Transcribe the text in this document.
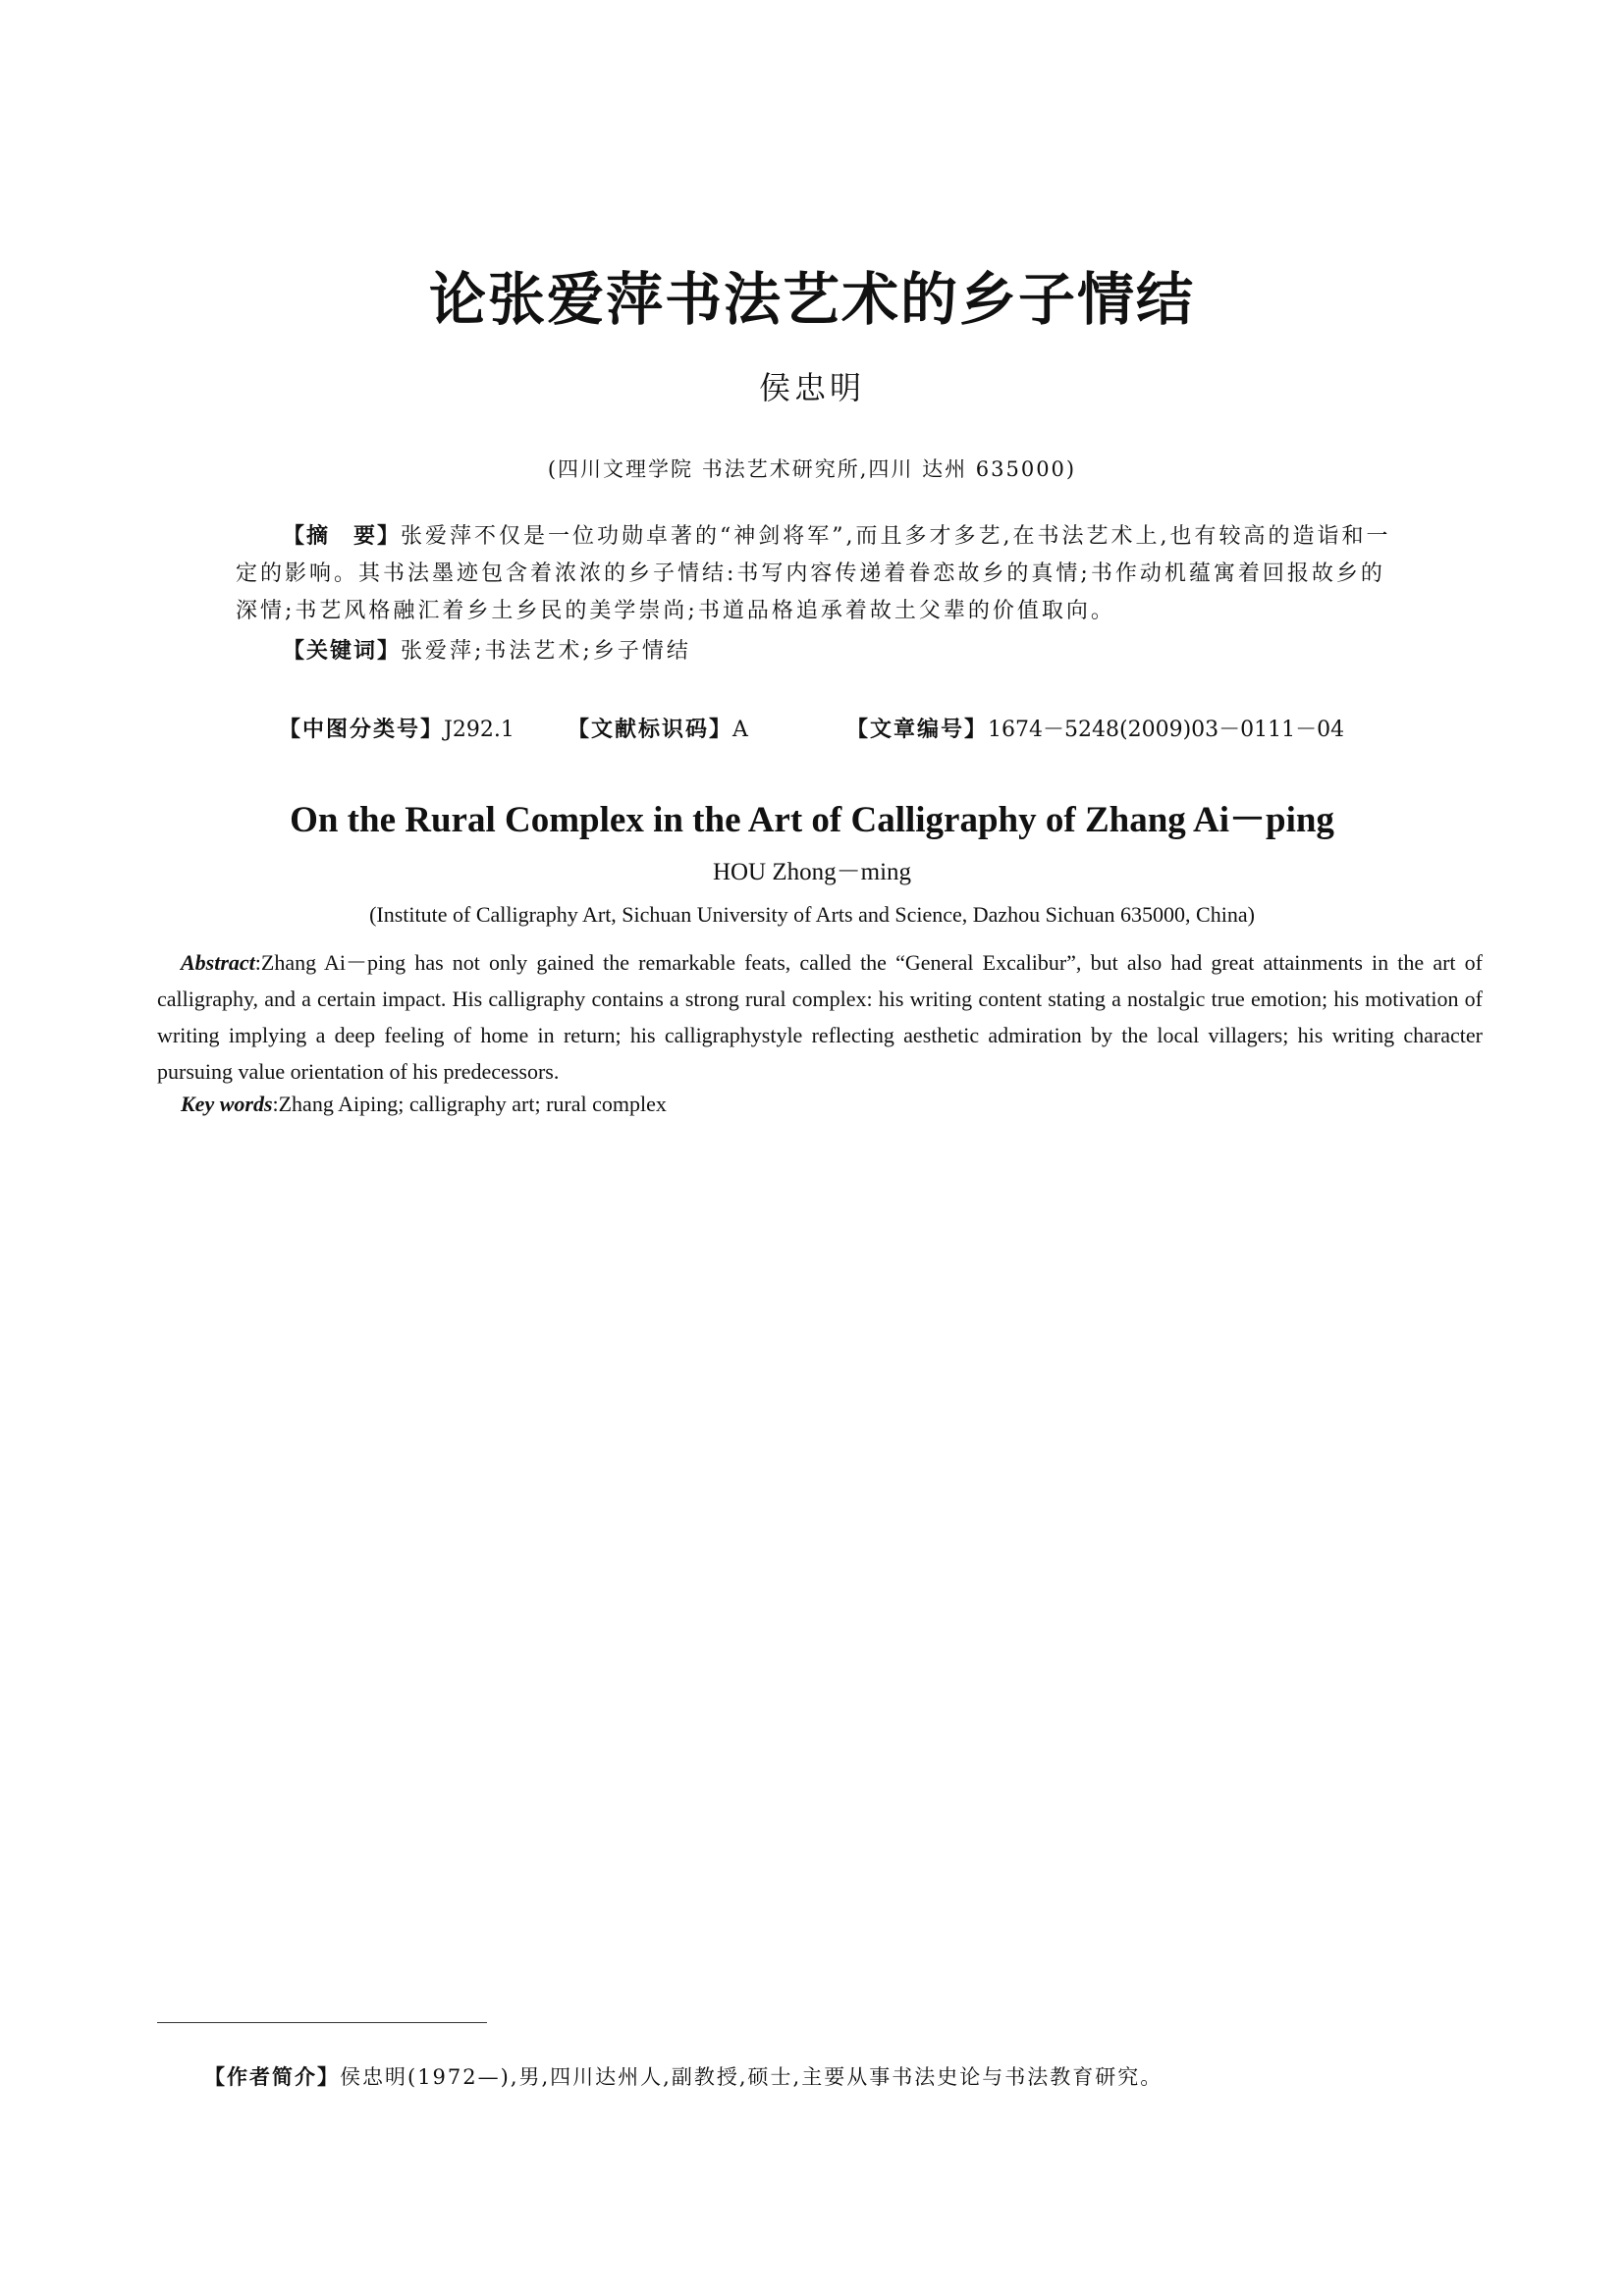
论张爱萍书法艺术的乡子情结
侯忠明
(四川文理学院 书法艺术研究所,四川 达州 635000)
【摘　要】张爱萍不仅是一位功勋卓著的“神剑将军”,而且多才多艺,在书法艺术上,也有较高的造诣和一定的影响。其书法墨迹包含着浓浓的乡子情结:书写内容传递着眷恋故乡的真情;书作动机蕴寓着回报故乡的深情;书艺风格融汇着乡土乡民的美学崇尚;书道品格追承着故土父辈的价值取向。
【关键词】张爱萍;书法艺术;乡子情结
【中图分类号】J292.1 【文献标识码】A	【文章编号】1674－5248(2009)03－0111－04
On the Rural Complex in the Art of Calligraphy of Zhang Ai－ping
HOU Zhong－ming
(Institute of Calligraphy Art, Sichuan University of Arts and Science, Dazhou Sichuan 635000, China)
Abstract:Zhang Ai－ping has not only gained the remarkable feats, called the “General Excalibur”, but also had great attainments in the art of calligraphy, and a certain impact. His calligraphy contains a strong rural complex: his writing content stating a nostalgic true emotion; his motivation of writing implying a deep feeling of home in return; his calligraphystyle reflecting aesthetic admiration by the local villagers; his writing character pursuing value orientation of his predecessors.
Key words:Zhang Aiping; calligraphy art; rural complex
【作者简介】侯忠明(1972—),男,四川达州人,副教授,硕士,主要从事书法史论与书法教育研究。
